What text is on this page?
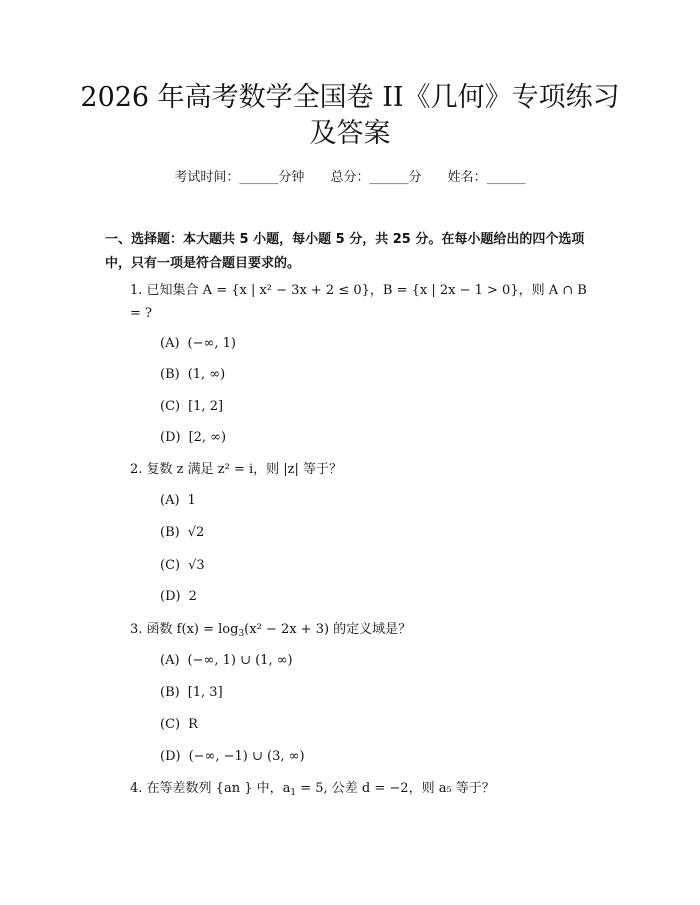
2026 年高考数学全国卷 II《几何》专项练习
及答案
考试时间：______分钟 总分：______分 姓名：______
一、选择题：本大题共 5 小题，每小题 5 分，共 25 分。在每小题给出的四个选项中，只有一项是符合题目要求的。
1. 已知集合 A = {x | x² − 3x + 2 ≤ 0}，B = {x | 2x − 1 > 0}，则 A ∩ B = ?
(A) (−∞, 1)
(B) (1, ∞)
(C) [1, 2]
(D) [2, ∞)
2. 复数 z 满足 z² = i，则 |z| 等于？
(A) 1
(B) √2
(C) √3
(D) 2
3. 函数 $f(x) = \log_3(x^2 - 2x + 3)$ 的定义域是？
(A) (−∞, 1) ∪ (1, ∞)
(B) [1, 3]
(C) R
(D) (−∞, −1) ∪ (3, ∞)
4. 在等差数列 {an } 中，$a_1 = 5$, 公差 d = −2，则 a₅ 等于？
